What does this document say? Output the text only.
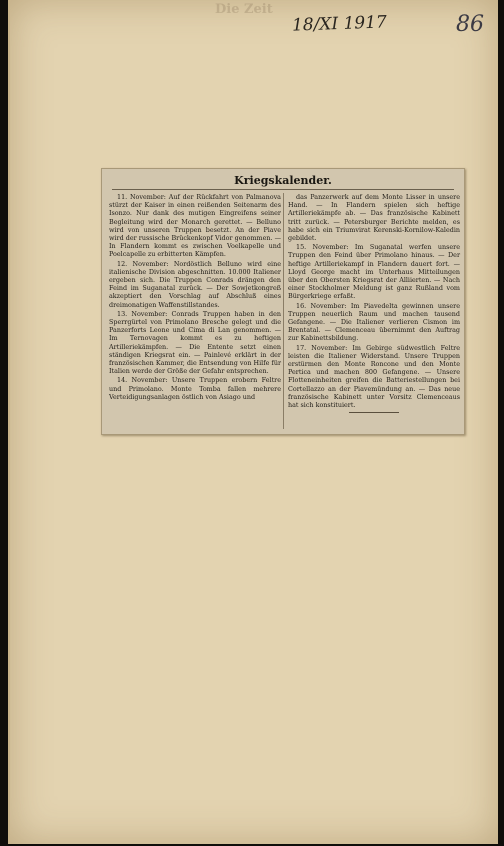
Die Zeit
18/XI 1917	86
Kriegskalender.

11. November: Auf der Rückfahrt von Palmanova stürzt der Kaiser in einen reißenden Seitenarm des Isonzo. Nur dank des mutigen Eingreifens seiner Begleitung wird der Monarch gerettet. — Belluno wird von unseren Truppen besetzt. An der Piave wird der russische Brückenkopf Vidor genommen. — In Flandern kommt es zwischen Voelkapelle und Poelcapelle zu erbitterten Kämpfen.

12. November: Nordöstlich Belluno wird eine italienische Division abgeschnitten. 10.000 Italiener ergeben sich. Die Truppen Conrads drängen den Feind im Suganatal zurück. — Der Sowjetkongreß akzeptiert den Vorschlag auf Abschluß eines dreimonatigen Waffenstillstandes.

13. November: Conrads Truppen haben in den Sperrgürtel von Primolano Bresche gelegt und die Panzerforts Leone und Cima di Lan genommen. — Im Ternovagen kommt es zu heftigen Artilleriekämpfen. — Die Entente setzt einen ständigen Kriegsrat ein. — Painlevé erklärt in der französischen Kammer, die Entsendung von Hilfe für Italien werde der Größe der Gefahr entsprechen.

14. November: Unsere Truppen erobern Feltre und Primolano. Monte Tomba fallen mehrere Verteidigungsanlagen östlich von Asiago und

das Panzerwerk auf dem Monte Lisser in unsere Hand. — In Flandern spielen sich heftige Artilleriekämpfe ab. — Das französische Kabinett tritt zurück. — Petersburger Berichte melden, es habe sich ein Triumvirat Kerenski-Kornilow-Kaledin gebildet.

15. November: Im Suganatal werfen unsere Truppen den Feind über Primolano hinaus. — Der heftige Artilleriekampf in Flandern dauert fort. — Lloyd George macht im Unterhaus Mitteilungen über den Obersten Kriegsrat der Alliierten. — Nach einer Stockholmer Meldung ist ganz Rußland vom Bürgerkriege erfaßt.

16. November: Im Piavedelta gewinnen unsere Truppen neuerlich Raum und machen tausend Gefangene. — Die Italiener verlieren Cismon im Brentatal. — Clemenceau übernimmt den Auftrag zur Kabinettsbildung.

17. November: Im Gebirge südwestlich Feltre leisten die Italiener Widerstand. Unsere Truppen erstürmen den Monte Roncone und den Monte Pertica und machen 800 Gefangene. — Unsere Flotteneinheiten greifen die Batteriestellungen bei Cortellazzo an der Piavemündung an. — Das neue französische Kabinett unter Vorsitz Clemenceaus hat sich konstituiert.
